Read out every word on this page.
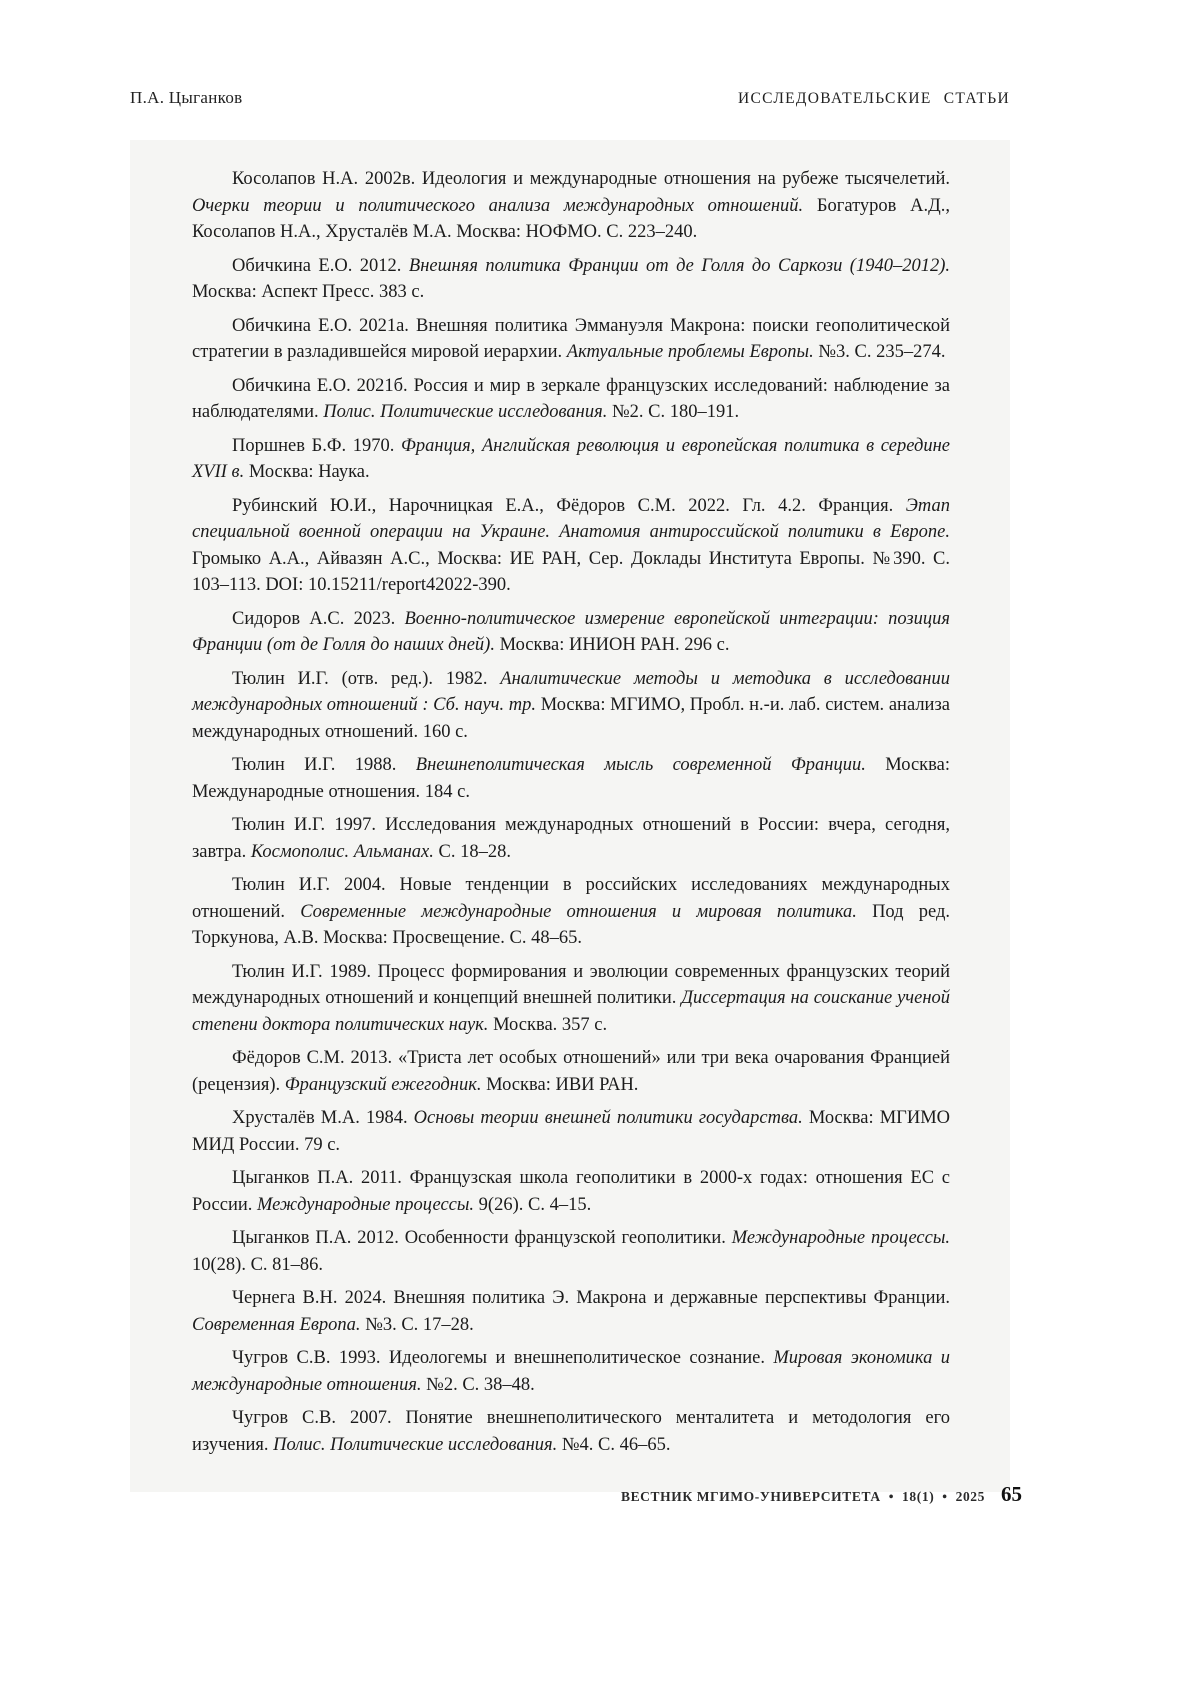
П.А. Цыганков	ИССЛЕДОВАТЕЛЬСКИЕ СТАТЬИ

Косолапов Н.А. 2002в. Идеология и международные отношения на рубеже тысячелетий. Очерки теории и политического анализа международных отношений. Богатуров А.Д., Косолапов Н.А., Хрусталёв М.А. Москва: НОФМО. С. 223–240.

Обичкина Е.О. 2012. Внешняя политика Франции от де Голля до Саркози (1940–2012). Москва: Аспект Пресс. 383 с.

Обичкина Е.О. 2021а. Внешняя политика Эммануэля Макрона: поиски геополитической стратегии в разладившейся мировой иерархии. Актуальные проблемы Европы. №3. С. 235–274.

Обичкина Е.О. 2021б. Россия и мир в зеркале французских исследований: наблюдение за наблюдателями. Полис. Политические исследования. №2. С. 180–191.

Поршнев Б.Ф. 1970. Франция, Английская революция и европейская политика в середине XVII в. Москва: Наука.

Рубинский Ю.И., Нарочницкая Е.А., Фёдоров С.М. 2022. Гл. 4.2. Франция. Этап специальной военной операции на Украине. Анатомия антироссийской политики в Европе. Громыко А.А., Айвазян А.С., Москва: ИЕ РАН, Сер. Доклады Института Европы. №390. С. 103–113. DOI: 10.15211/report42022-390.

Сидоров А.С. 2023. Военно-политическое измерение европейской интеграции: позиция Франции (от де Голля до наших дней). Москва: ИНИОН РАН. 296 с.

Тюлин И.Г. (отв. ред.). 1982. Аналитические методы и методика в исследовании международных отношений : Сб. науч. тр. Москва: МГИМО, Пробл. н.-и. лаб. систем. анализа международных отношений. 160 с.

Тюлин И.Г. 1988. Внешнеполитическая мысль современной Франции. Москва: Международные отношения. 184 с.

Тюлин И.Г. 1997. Исследования международных отношений в России: вчера, сегодня, завтра. Космополис. Альманах. С. 18–28.

Тюлин И.Г. 2004. Новые тенденции в российских исследованиях международных отношений. Современные международные отношения и мировая политика. Под ред. Торкунова, А.В. Москва: Просвещение. С. 48–65.

Тюлин И.Г. 1989. Процесс формирования и эволюции современных французских теорий международных отношений и концепций внешней политики. Диссертация на соискание ученой степени доктора политических наук. Москва. 357 с.

Фёдоров С.М. 2013. «Триста лет особых отношений» или три века очарования Францией (рецензия). Французский ежегодник. Москва: ИВИ РАН.

Хрусталёв М.А. 1984. Основы теории внешней политики государства. Москва: МГИМО МИД России. 79 с.

Цыганков П.А. 2011. Французская школа геополитики в 2000-х годах: отношения ЕС с России. Международные процессы. 9(26). С. 4–15.

Цыганков П.А. 2012. Особенности французской геополитики. Международные процессы. 10(28). С. 81–86.

Чернега В.Н. 2024. Внешняя политика Э. Макрона и державные перспективы Франции. Современная Европа. №3. С. 17–28.

Чугров С.В. 1993. Идеологемы и внешнеполитическое сознание. Мировая экономика и международные отношения. №2. С. 38–48.

Чугров С.В. 2007. Понятие внешнеполитического менталитета и методология его изучения. Полис. Политические исследования. №4. С. 46–65.

ВЕСТНИК МГИМО-УНИВЕРСИТЕТА • 18(1) • 2025 65
